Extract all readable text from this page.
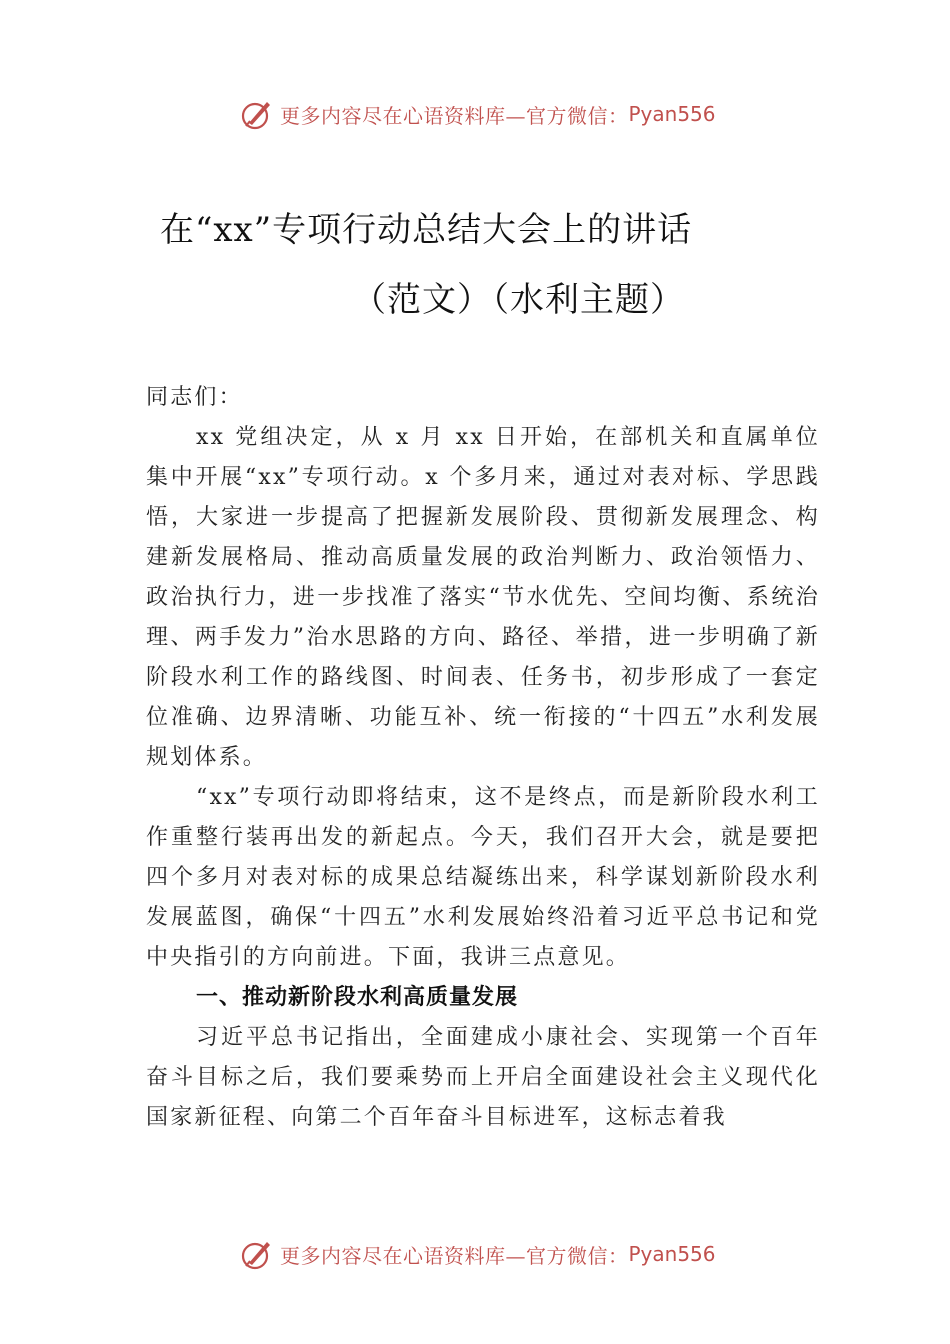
更多内容尽在心语资料库—官方微信： Pyan556
在“xx”专项行动总结大会上的讲话
（范文）（水利主题）

同志们：

xx 党组决定，从 x 月 xx 日开始，在部机关和直属单位集中开展“xx”专项行动。x 个多月来，通过对表对标、学思践悟，大家进一步提高了把握新发展阶段、贯彻新发展理念、构建新发展格局、推动高质量发展的政治判断力、政治领悟力、政治执行力，进一步找准了落实“节水优先、空间均衡、系统治理、两手发力”治水思路的方向、路径、举措，进一步明确了新阶段水利工作的路线图、时间表、任务书，初步形成了一套定位准确、边界清晰、功能互补、统一衔接的“十四五”水利发展规划体系。

“xx”专项行动即将结束，这不是终点，而是新阶段水利工作重整行装再出发的新起点。今天，我们召开大会，就是要把四个多月对表对标的成果总结凝练出来，科学谋划新阶段水利发展蓝图，确保“十四五”水利发展始终沿着习近平总书记和党中央指引的方向前进。下面，我讲三点意见。

一、推动新阶段水利高质量发展

习近平总书记指出，全面建成小康社会、实现第一个百年奋斗目标之后，我们要乘势而上开启全面建设社会主义现代化国家新征程、向第二个百年奋斗目标进军，这标志着我

更多内容尽在心语资料库—官方微信： Pyan556
